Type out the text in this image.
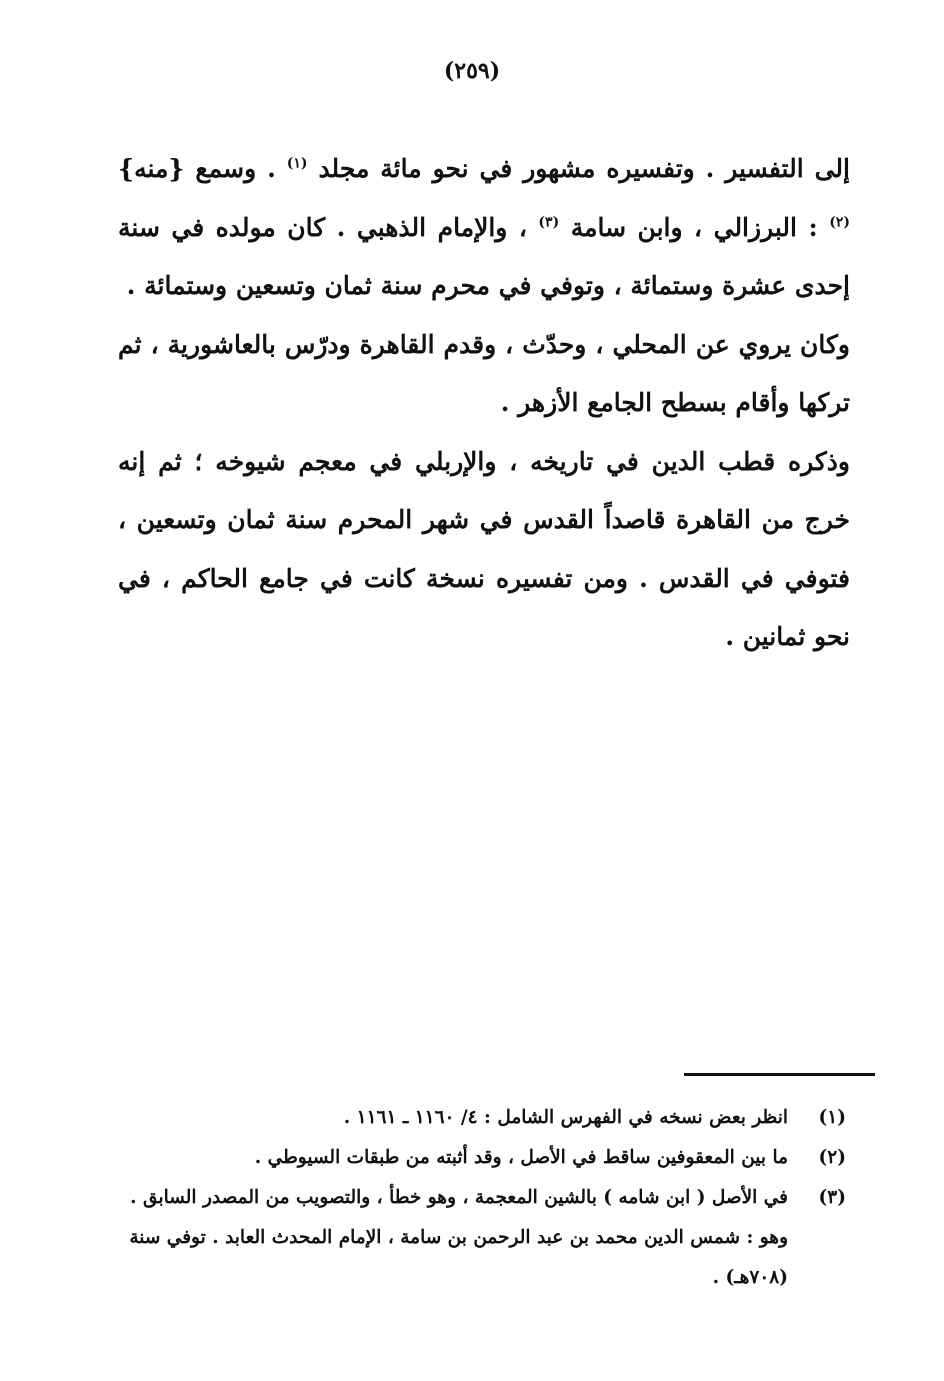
(٢٥٩)

إلى التفسير . وتفسيره مشهور في نحو مائة مجلد $^{(١)}$ . وسمع {منه} $^{(٢)}$ : البرزالي ، وابن سامة $^{(٣)}$ ، والإمام الذهبي . كان مولده في سنة إحدى عشرة وستمائة ، وتوفي في محرم سنة ثمان وتسعين وستمائة .

وكان يروي عن المحلي ، وحدّث ، وقدم القاهرة ودرّس بالعاشورية ، ثم تركها وأقام بسطح الجامع الأزهر .

وذكره قطب الدين في تاريخه ، والإربلي في معجم شيوخه ؛ ثم إنه خرج من القاهرة قاصداً القدس في شهر المحرم سنة ثمان وتسعين ، فتوفي في القدس . ومن تفسيره نسخة كانت في جامع الحاكم ، في نحو ثمانين .

(١)
انظر بعض نسخه في الفهرس الشامل : ٤/ ١١٦٠ ـ ١١٦١ .
(٢)
ما بين المعقوفين ساقط في الأصل ، وقد أثبته من طبقات السيوطي .
(٣)
في الأصل ( ابن شامه ) بالشين المعجمة ، وهو خطأ ، والتصويب من المصدر السابق .
وهو : شمس الدين محمد بن عبد الرحمن بن سامة ، الإمام المحدث العابد . توفي سنة
(٧٠٨هـ) .
